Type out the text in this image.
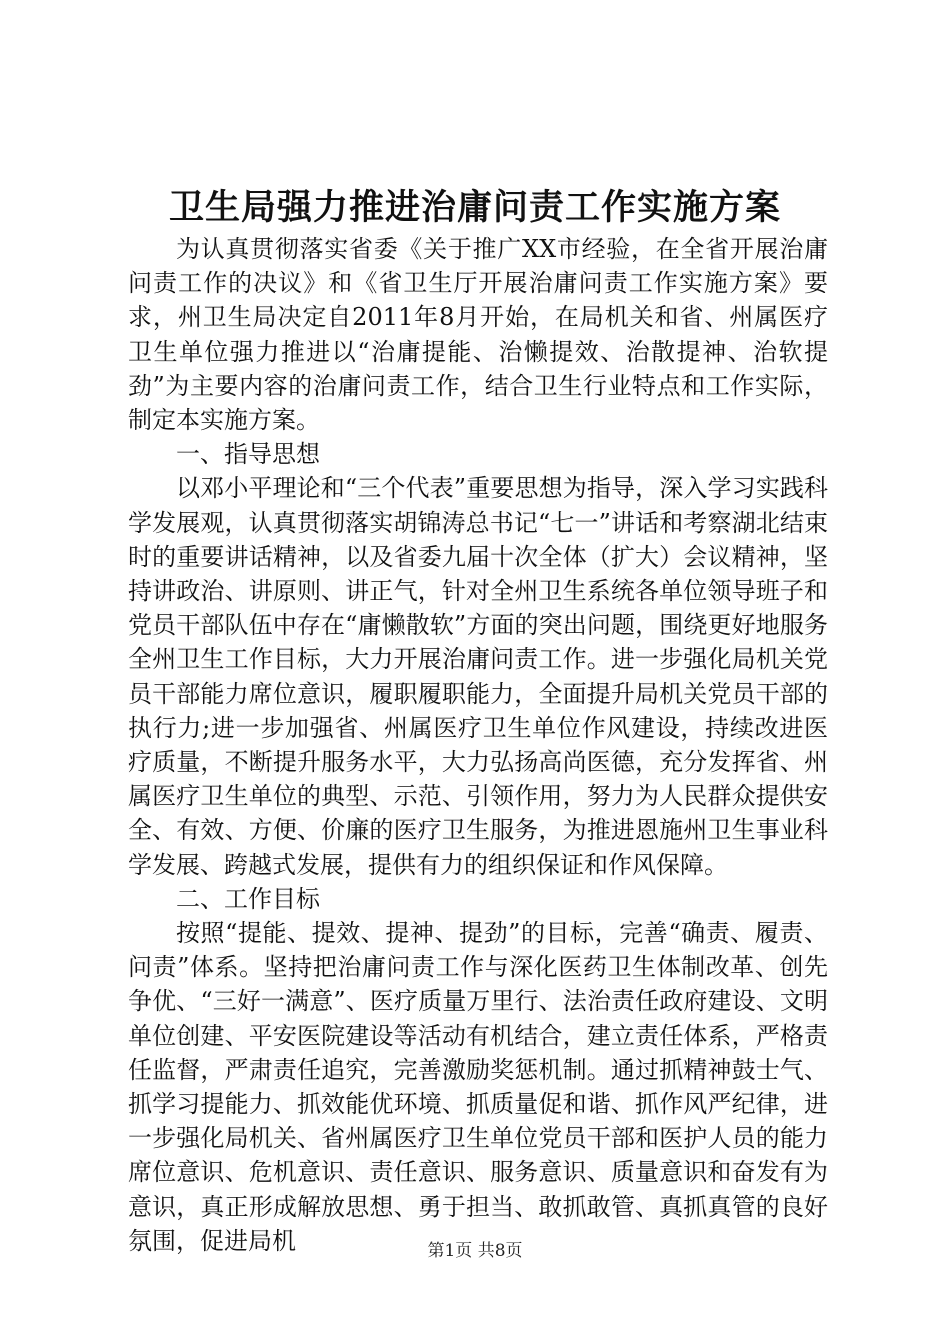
卫生局强力推进治庸问责工作实施方案

为认真贯彻落实省委《关于推广XX市经验，在全省开展治庸问责工作的决议》和《省卫生厅开展治庸问责工作实施方案》要求，州卫生局决定自2011年8月开始，在局机关和省、州属医疗卫生单位强力推进以“治庸提能、治懒提效、治散提神、治软提劲”为主要内容的治庸问责工作，结合卫生行业特点和工作实际，制定本实施方案。

一、指导思想

以邓小平理论和“三个代表”重要思想为指导，深入学习实践科学发展观，认真贯彻落实胡锦涛总书记“七一”讲话和考察湖北结束时的重要讲话精神，以及省委九届十次全体（扩大）会议精神，坚持讲政治、讲原则、讲正气，针对全州卫生系统各单位领导班子和党员干部队伍中存在“庸懒散软”方面的突出问题，围绕更好地服务全州卫生工作目标，大力开展治庸问责工作。进一步强化局机关党员干部能力席位意识，履职履职能力，全面提升局机关党员干部的执行力;进一步加强省、州属医疗卫生单位作风建设，持续改进医疗质量，不断提升服务水平，大力弘扬高尚医德，充分发挥省、州属医疗卫生单位的典型、示范、引领作用，努力为人民群众提供安全、有效、方便、价廉的医疗卫生服务，为推进恩施州卫生事业科学发展、跨越式发展，提供有力的组织保证和作风保障。

二、工作目标

按照“提能、提效、提神、提劲”的目标，完善“确责、履责、问责”体系。坚持把治庸问责工作与深化医药卫生体制改革、创先争优、“三好一满意”、医疗质量万里行、法治责任政府建设、文明单位创建、平安医院建设等活动有机结合，建立责任体系，严格责任监督，严肃责任追究，完善激励奖惩机制。通过抓精神鼓士气、抓学习提能力、抓效能优环境、抓质量促和谐、抓作风严纪律，进一步强化局机关、省州属医疗卫生单位党员干部和医护人员的能力席位意识、危机意识、责任意识、服务意识、质量意识和奋发有为意识，真正形成解放思想、勇于担当、敢抓敢管、真抓真管的良好氛围，促进局机	第1页 共8页
